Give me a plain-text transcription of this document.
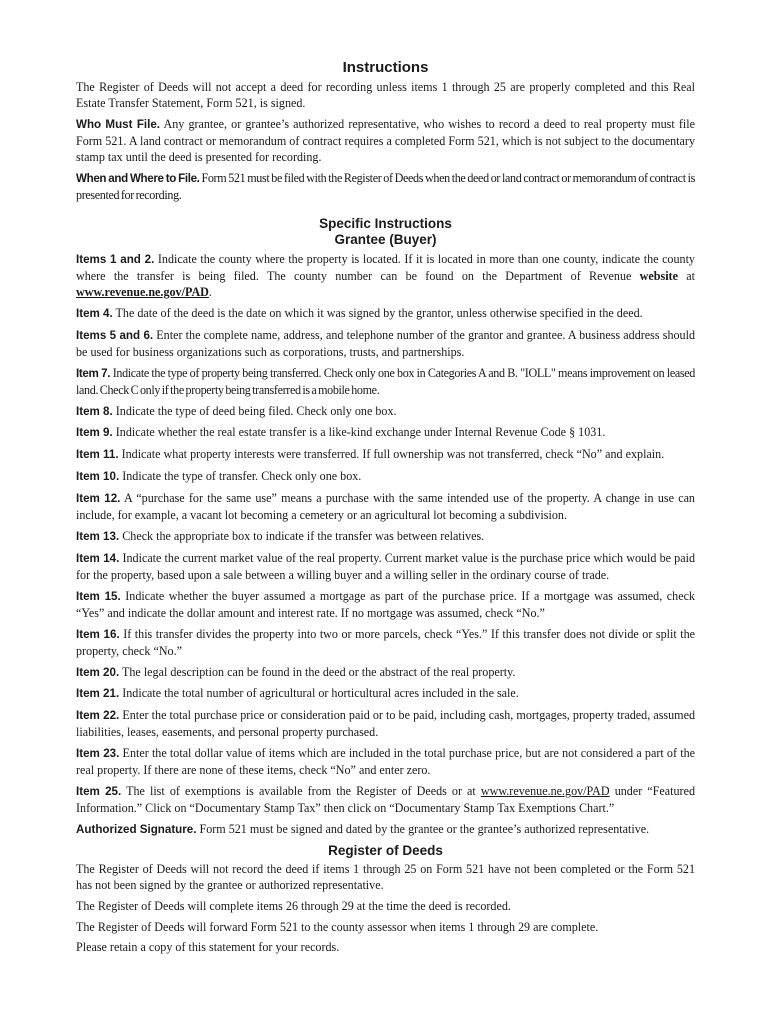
Instructions

The Register of Deeds will not accept a deed for recording unless items 1 through 25 are properly completed and this Real Estate Transfer Statement, Form 521, is signed.

Who Must File. Any grantee, or grantee’s authorized representative, who wishes to record a deed to real property must file Form 521. A land contract or memorandum of contract requires a completed Form 521, which is not subject to the documentary stamp tax until the deed is presented for recording.

When and Where to File. Form 521 must be filed with the Register of Deeds when the deed or land contract or memorandum of contract is presented for recording.

Specific Instructions
Grantee (Buyer)

Items 1 and 2. Indicate the county where the property is located. If it is located in more than one county, indicate the county where the transfer is being filed. The county number can be found on the Department of Revenue website at www.revenue.ne.gov/PAD.

Item 4. The date of the deed is the date on which it was signed by the grantor, unless otherwise specified in the deed.

Items 5 and 6. Enter the complete name, address, and telephone number of the grantor and grantee. A business address should be used for business organizations such as corporations, trusts, and partnerships.

Item 7. Indicate the type of property being transferred. Check only one box in Categories A and B. "IOLL" means improvement on leased land. Check C only if the property being transferred is a mobile home.

Item 8. Indicate the type of deed being filed. Check only one box.

Item 9. Indicate whether the real estate transfer is a like-kind exchange under Internal Revenue Code § 1031.

Item 11. Indicate what property interests were transferred. If full ownership was not transferred, check “No” and explain.

Item 10. Indicate the type of transfer. Check only one box.

Item 12. A “purchase for the same use” means a purchase with the same intended use of the property. A change in use can include, for example, a vacant lot becoming a cemetery or an agricultural lot becoming a subdivision.

Item 13. Check the appropriate box to indicate if the transfer was between relatives.

Item 14. Indicate the current market value of the real property. Current market value is the purchase price which would be paid for the property, based upon a sale between a willing buyer and a willing seller in the ordinary course of trade.

Item 15. Indicate whether the buyer assumed a mortgage as part of the purchase price. If a mortgage was assumed, check “Yes” and indicate the dollar amount and interest rate. If no mortgage was assumed, check “No.”

Item 16. If this transfer divides the property into two or more parcels, check “Yes.” If this transfer does not divide or split the property, check “No.”

Item 20. The legal description can be found in the deed or the abstract of the real property.

Item 21. Indicate the total number of agricultural or horticultural acres included in the sale.

Item 22. Enter the total purchase price or consideration paid or to be paid, including cash, mortgages, property traded, assumed liabilities, leases, easements, and personal property purchased.

Item 23. Enter the total dollar value of items which are included in the total purchase price, but are not considered a part of the real property. If there are none of these items, check “No” and enter zero.

Item 25. The list of exemptions is available from the Register of Deeds or at www.revenue.ne.gov/PAD under “Featured Information.” Click on “Documentary Stamp Tax” then click on “Documentary Stamp Tax Exemptions Chart.”

Authorized Signature. Form 521 must be signed and dated by the grantee or the grantee’s authorized representative.

Register of Deeds

The Register of Deeds will not record the deed if items 1 through 25 on Form 521 have not been completed or the Form 521 has not been signed by the grantee or authorized representative.

The Register of Deeds will complete items 26 through 29 at the time the deed is recorded.

The Register of Deeds will forward Form 521 to the county assessor when items 1 through 29 are complete.

Please retain a copy of this statement for your records.
